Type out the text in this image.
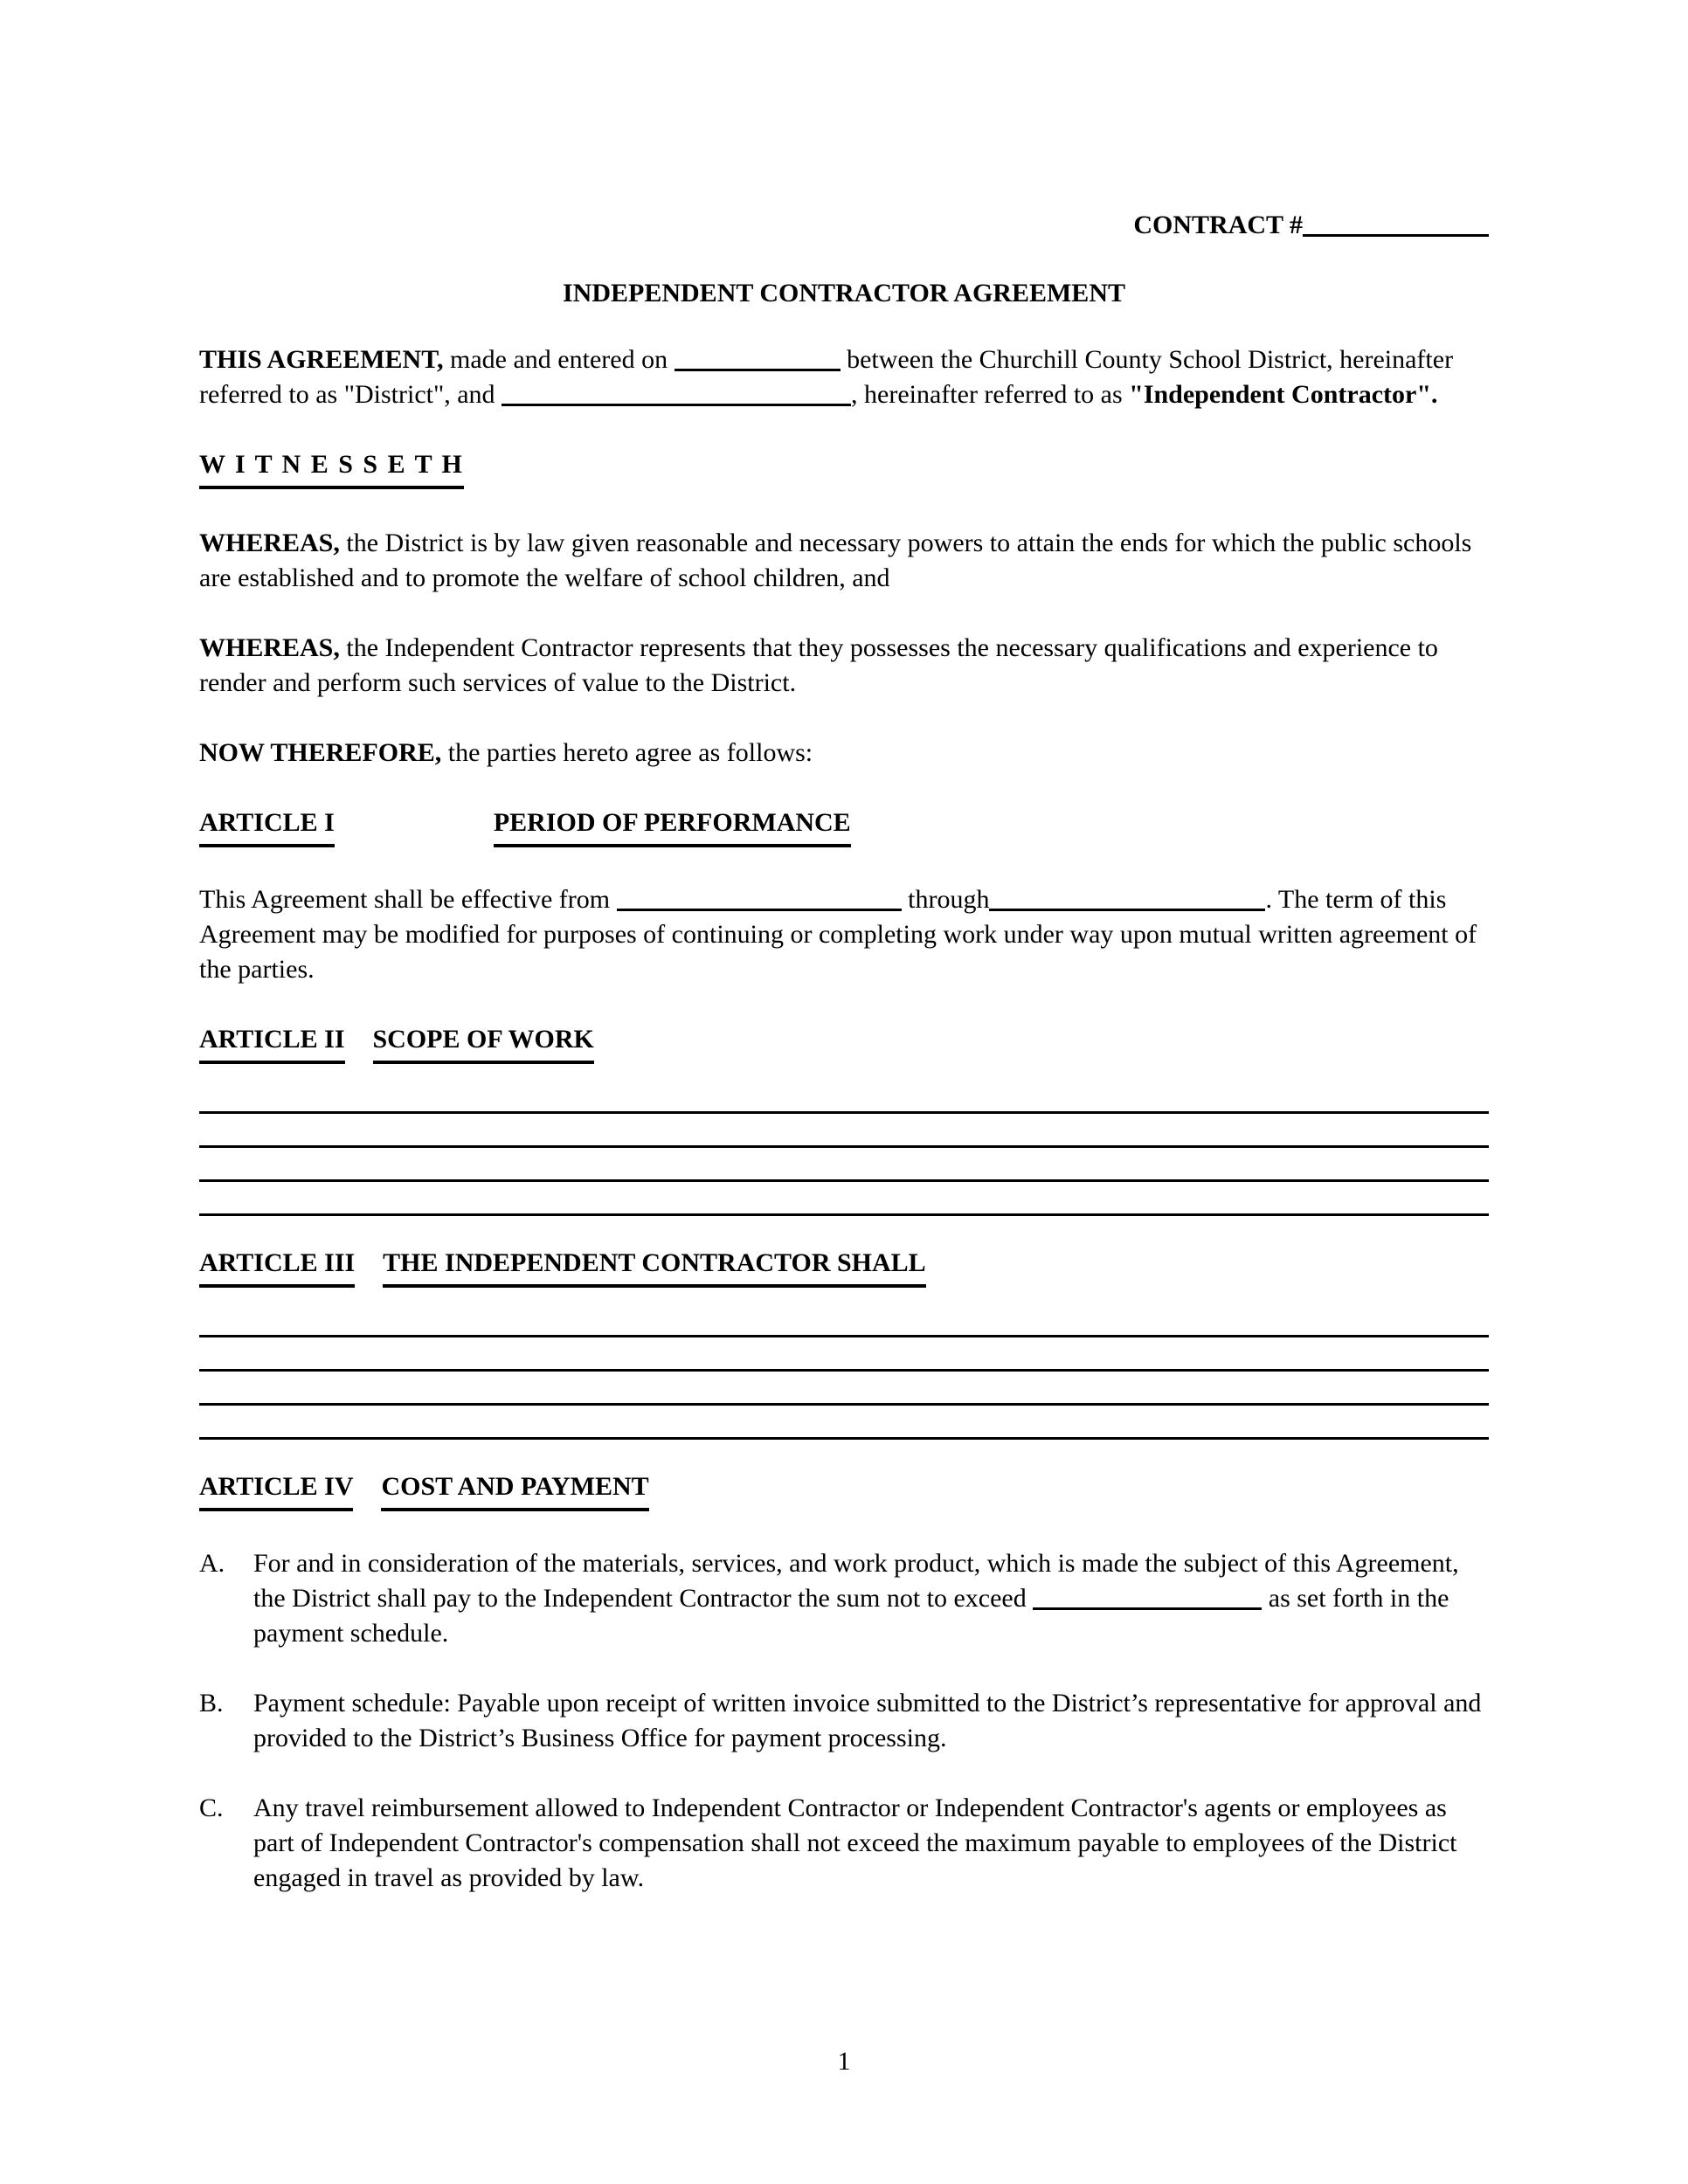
CONTRACT #
INDEPENDENT CONTRACTOR AGREEMENT

THIS AGREEMENT, made and entered on	between the Churchill County School District, hereinafter referred to as "District", and	, hereinafter referred to as "Independent Contractor".

W I T N E S S E T H

WHEREAS, the District is by law given reasonable and necessary powers to attain the ends for which the public schools are established and to promote the welfare of school children, and

WHEREAS, the Independent Contractor represents that they possesses the necessary qualifications and experience to render and perform such services of value to the District.

NOW THEREFORE, the parties hereto agree as follows:

ARTICLE I	PERIOD OF PERFORMANCE

This Agreement shall be effective from	through	. The term of this Agreement may be modified for purposes of continuing or completing work under way upon mutual written agreement of the parties.

ARTICLE II SCOPE OF WORK
ARTICLE III THE INDEPENDENT CONTRACTOR SHALL
ARTICLE IV COST AND PAYMENT
A.	For and in consideration of the materials, services, and work product, which is made the subject of this Agreement, the District shall pay to the Independent Contractor the sum not to exceed	as set forth in the payment schedule.
B.	Payment schedule: Payable upon receipt of written invoice submitted to the District’s representative for approval and provided to the District’s Business Office for payment processing.
C.	Any travel reimbursement allowed to Independent Contractor or Independent Contractor's agents or employees as part of Independent Contractor's compensation shall not exceed the maximum payable to employees of the District engaged in travel as provided by law.
1
